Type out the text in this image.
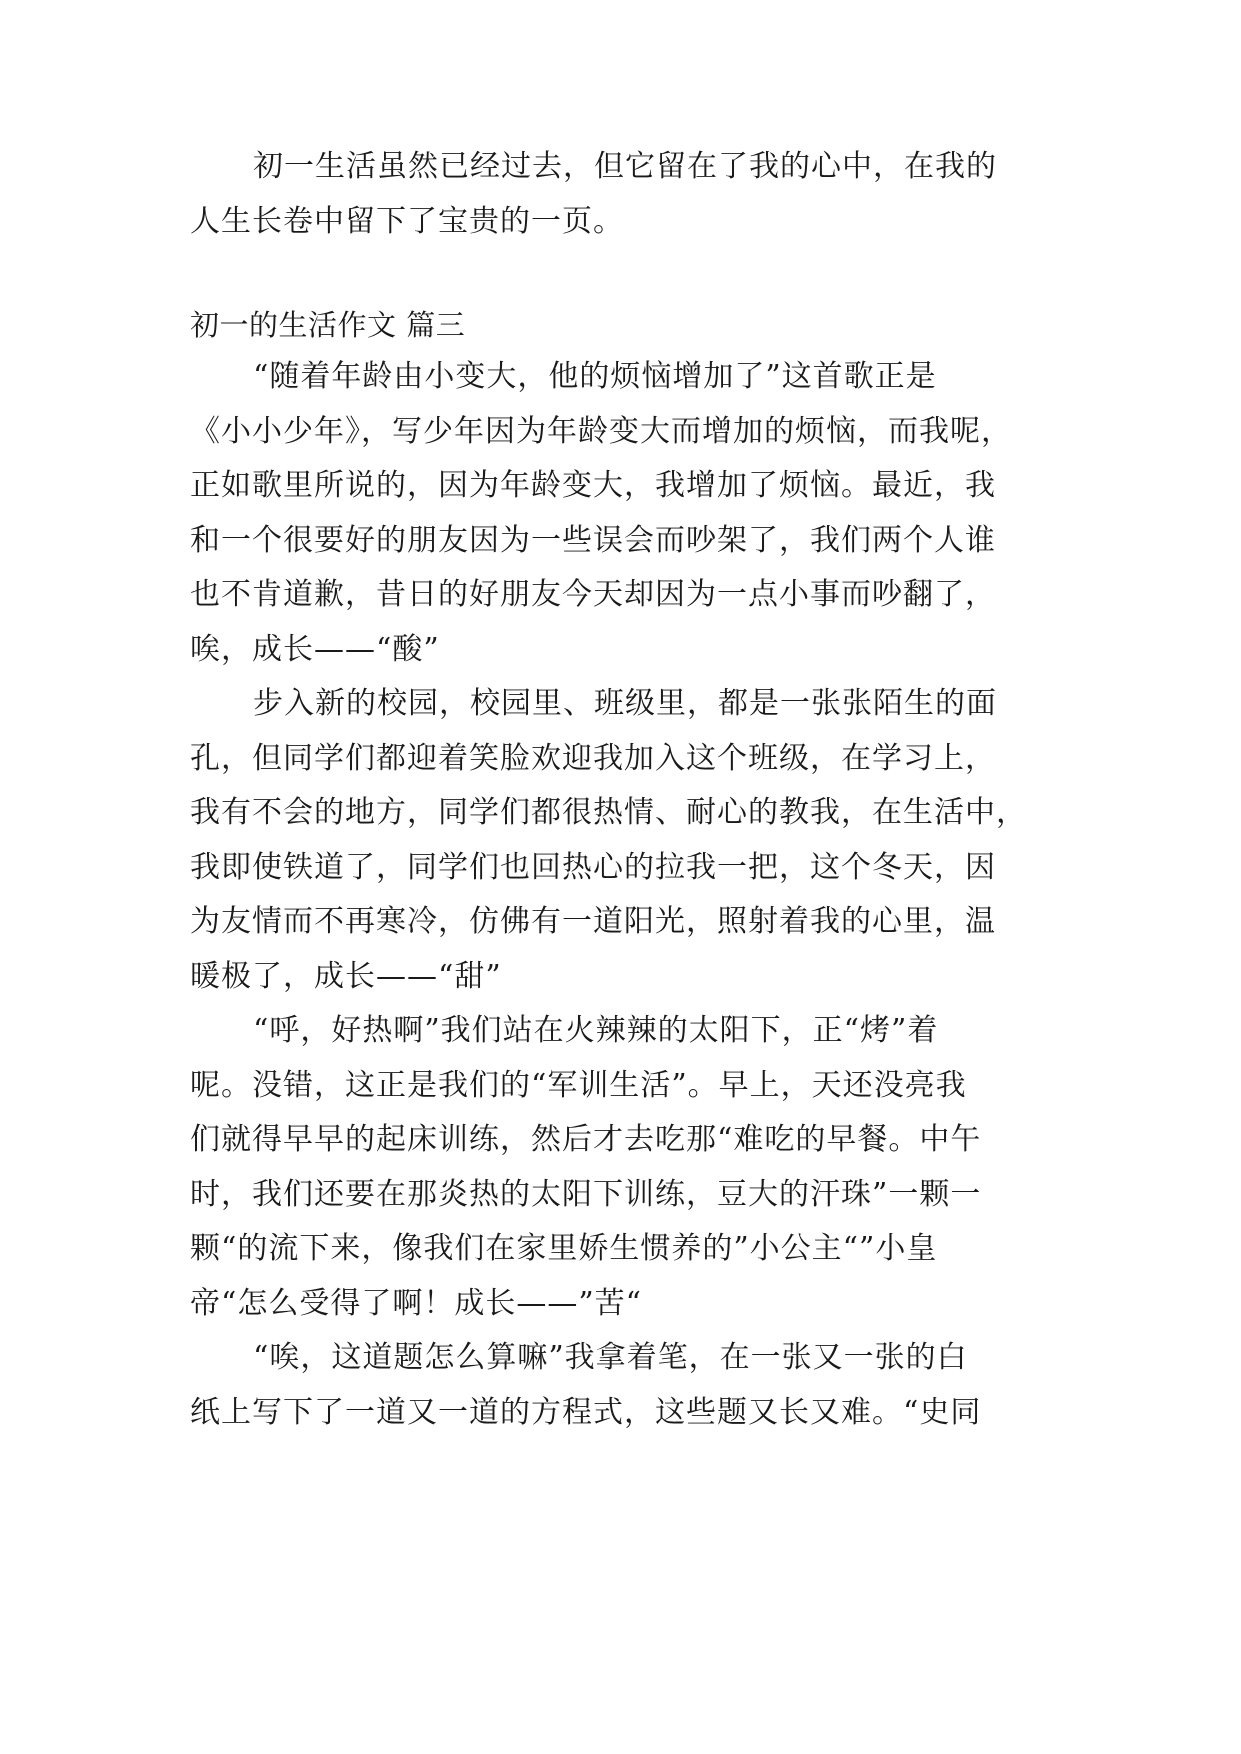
初一生活虽然已经过去，但它留在了我的心中，在我的
人生长卷中留下了宝贵的一页。
初一的生活作文 篇三
“随着年龄由小变大，他的烦恼增加了”这首歌正是
《小小少年》，写少年因为年龄变大而增加的烦恼，而我呢，
正如歌里所说的，因为年龄变大，我增加了烦恼。最近，我
和一个很要好的朋友因为一些误会而吵架了，我们两个人谁
也不肯道歉，昔日的好朋友今天却因为一点小事而吵翻了，
唉，成长——“酸”
步入新的校园，校园里、班级里，都是一张张陌生的面
孔，但同学们都迎着笑脸欢迎我加入这个班级，在学习上，
我有不会的地方，同学们都很热情、耐心的教我，在生活中，
我即使铁道了，同学们也回热心的拉我一把，这个冬天，因
为友情而不再寒冷，仿佛有一道阳光，照射着我的心里，温
暖极了，成长——“甜”
“呼，好热啊”我们站在火辣辣的太阳下，正“烤”着
呢。没错，这正是我们的“军训生活”。早上，天还没亮我
们就得早早的起床训练，然后才去吃那“难吃的早餐。中午
时，我们还要在那炎热的太阳下训练，豆大的汗珠”一颗一
颗“的流下来，像我们在家里娇生惯养的”小公主“”小皇
帝“怎么受得了啊！成长——”苦“
“唉，这道题怎么算嘛”我拿着笔，在一张又一张的白
纸上写下了一道又一道的方程式，这些题又长又难。“史同
